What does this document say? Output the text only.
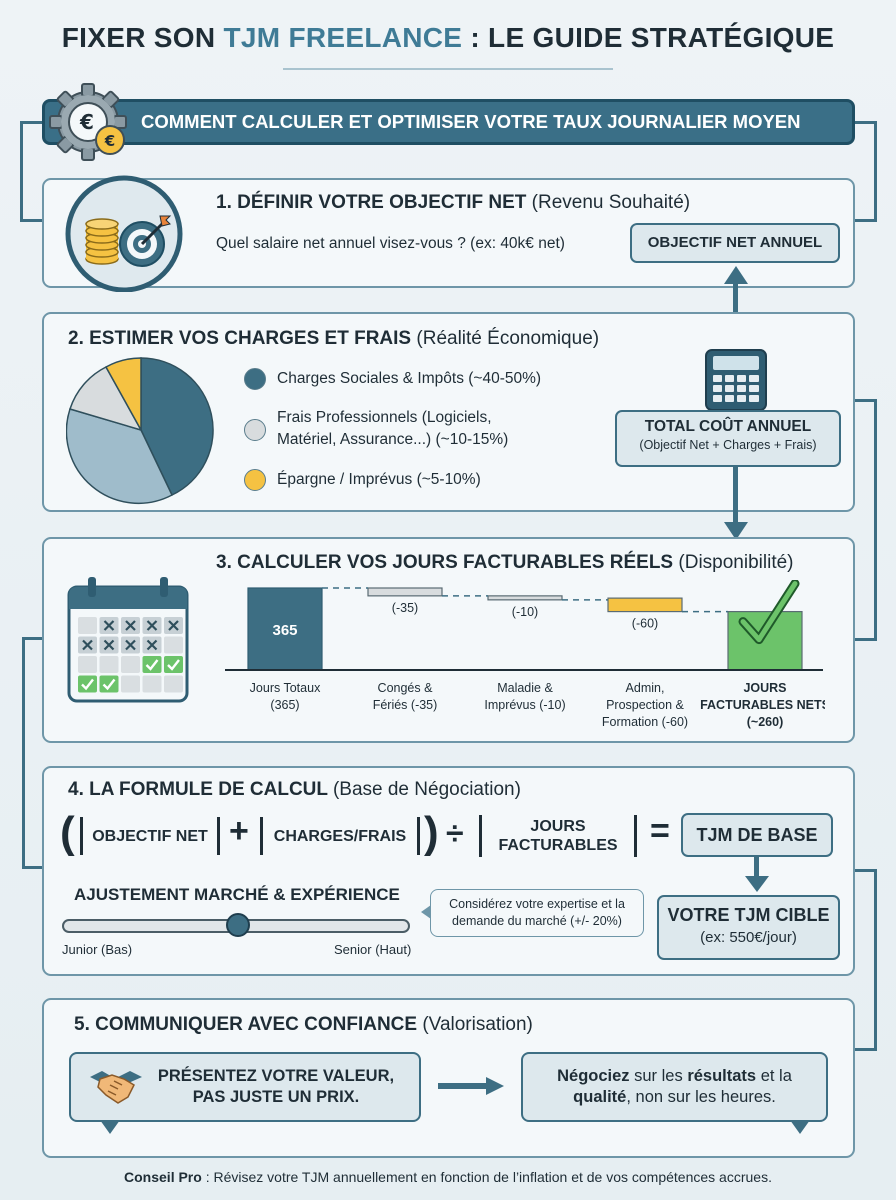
FIXER SON TJM FREELANCE : LE GUIDE STRATÉGIQUE
COMMENT CALCULER ET OPTIMISER VOTRE TAUX JOURNALIER MOYEN
€
€
1. DÉFINIR VOTRE OBJECTIF NET (Revenu Souhaité)
Quel salaire net annuel visez-vous ? (ex: 40k€ net)	OBJECTIF NET ANNUEL
2. ESTIMER VOS CHARGES ET FRAIS (Réalité Économique)
Charges Sociales & Impôts (~40-50%)
Frais Professionnels (Logiciels,
Matériel, Assurance...) (~10-15%)
Épargne / Imprévus (~5-10%)
TOTAL COÛT ANNUEL
(Objectif Net + Charges + Frais)
3. CALCULER VOS JOURS FACTURABLES RÉELS (Disponibilité)
365
(-35)	(-10)
(-60)
Jours Totaux (365)
Congés & Fériés (-35)
Maladie & Imprévus (-10)
Admin, Prospection & Formation (-60)
JOURS FACTURABLES NETS (~260)
4. LA FORMULE DE CALCUL (Base de Négociation)
(	OBJECTIF NET + CHARGES/FRAIS ) ÷	JOURS
FACTURABLES =	TJM DE BASE
AJUSTEMENT MARCHÉ & EXPÉRIENCE
Junior (Bas)	Senior (Haut)
Considérez votre expertise et la
demande du marché (+/- 20%)	VOTRE TJM CIBLE
(ex: 550€/jour)
5. COMMUNIQUER AVEC CONFIANCE (Valorisation)
PRÉSENTEZ VOTRE VALEUR,
PAS JUSTE UN PRIX.
Négociez sur les résultats et la
qualité, non sur les heures.
Conseil Pro : Révisez votre TJM annuellement en fonction de l’inflation et de vos compétences accrues.
